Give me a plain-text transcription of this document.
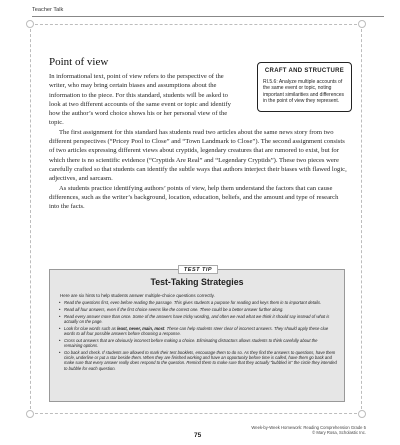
Teacher Talk

Point of view

In informational text, point of view refers to the perspective of the writer, who may bring certain biases and assumptions about the information to the piece. For this standard, students will be asked to look at two different accounts of the same event or topic and identify how the author’s word choice shows his or her personal view of the topic.

CRAFT AND STRUCTURE

RI.5.6: Analyze multiple accounts of the same event or topic, noting important similarities and differences in the point of view they represent.

The first assignment for this standard has students read two articles about the same news story from two different perspectives (“Pricey Pool to Close” and “Town Landmark to Close”). The second assignment consists of two articles expressing different views about cryptids, legendary creatures that are rumored to exist, but for which there is no scientific evidence (“Cryptids Are Real” and “Legendary Cryptids”). These two pieces were carefully crafted so that students can identify the subtle ways that authors interject their biases with flawed logic, adjectives, and sarcasm.

As students practice identifying authors’ points of view, help them understand the factors that can cause differences, such as the writer’s background, location, education, beliefs, and the amount and type of research into the facts.

TEST TIP

Test-Taking Strategies

Here are six hints to help students answer multiple-choice questions correctly.

• Read the questions first, even before reading the passage. This gives students a purpose for reading and keys them in to important details.
• Read all four answers, even if the first choice seems like the correct one. There could be a better answer further along.
• Read every answer more than once. Some of the answers have tricky wording, and often we read what we think it should say instead of what is actually on the page.
• Look for clue words such as least, never, main, most. These can help students steer clear of incorrect answers. They should apply these clue words to all four possible answers before choosing a response.
• Cross out answers that are obviously incorrect before making a choice. Eliminating distractors allows students to think carefully about the remaining options.
• Go back and check. If students are allowed to mark their test booklets, encourage them to do so. As they find the answers to questions, have them circle, underline or put a star beside them. When they are finished working and have an opportunity before time is called, have them go back and make sure that every answer really does respond to the question. Remind them to make sure that they actually “bubbled in” the circle they intended to bubble for each question.

75

Week-by-Week Homework: Reading Comprehension Grade 5
© Mary Rosa, Scholastic Inc.
